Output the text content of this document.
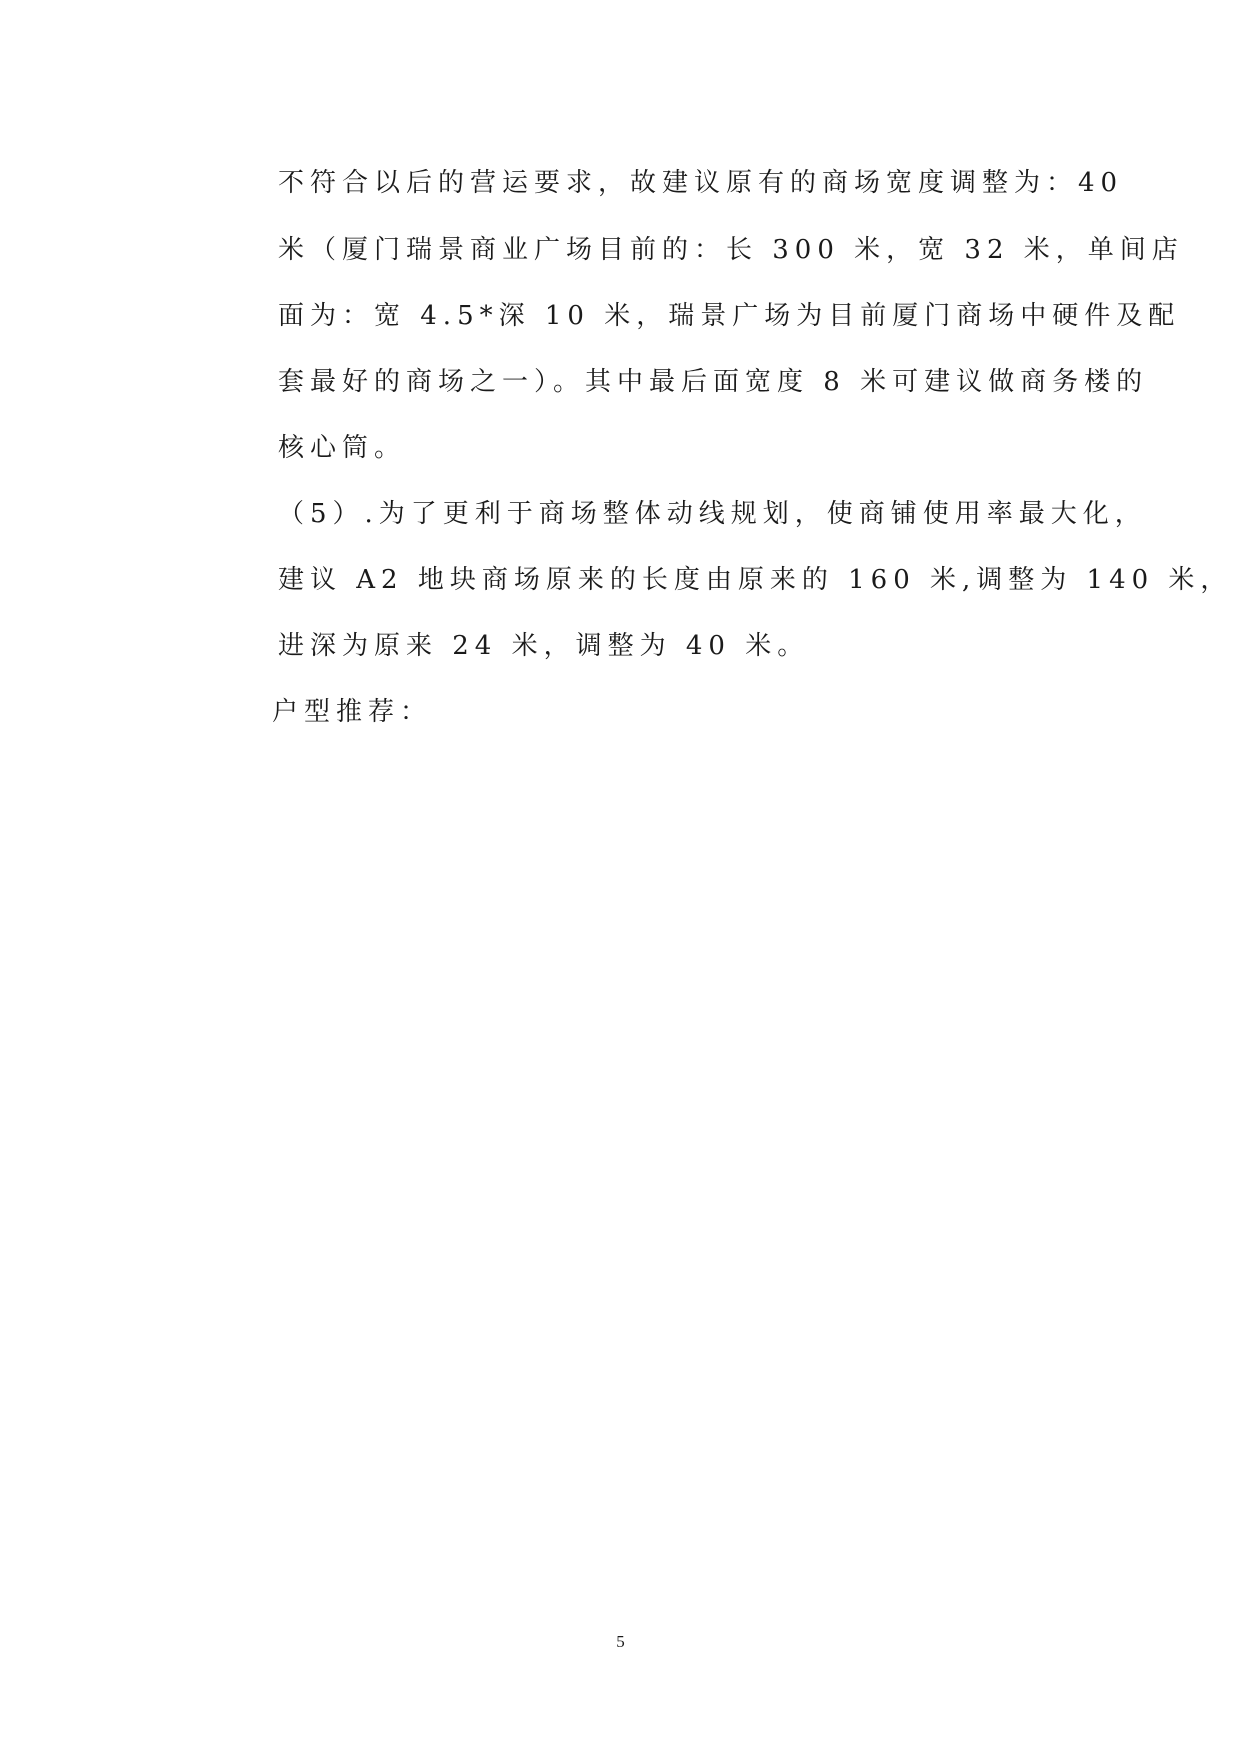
不符合以后的营运要求，故建议原有的商场宽度调整为：40
米（厦门瑞景商业广场目前的：长 300 米，宽 32 米，单间店
面为：宽 4.5*深 10 米，瑞景广场为目前厦门商场中硬件及配
套最好的商场之一）。其中最后面宽度 8 米可建议做商务楼的
核心筒。
（5）.为了更利于商场整体动线规划，使商铺使用率最大化，
建议 A2 地块商场原来的长度由原来的 160 米,调整为 140 米，
进深为原来 24 米，调整为 40 米。
户型推荐：
5
